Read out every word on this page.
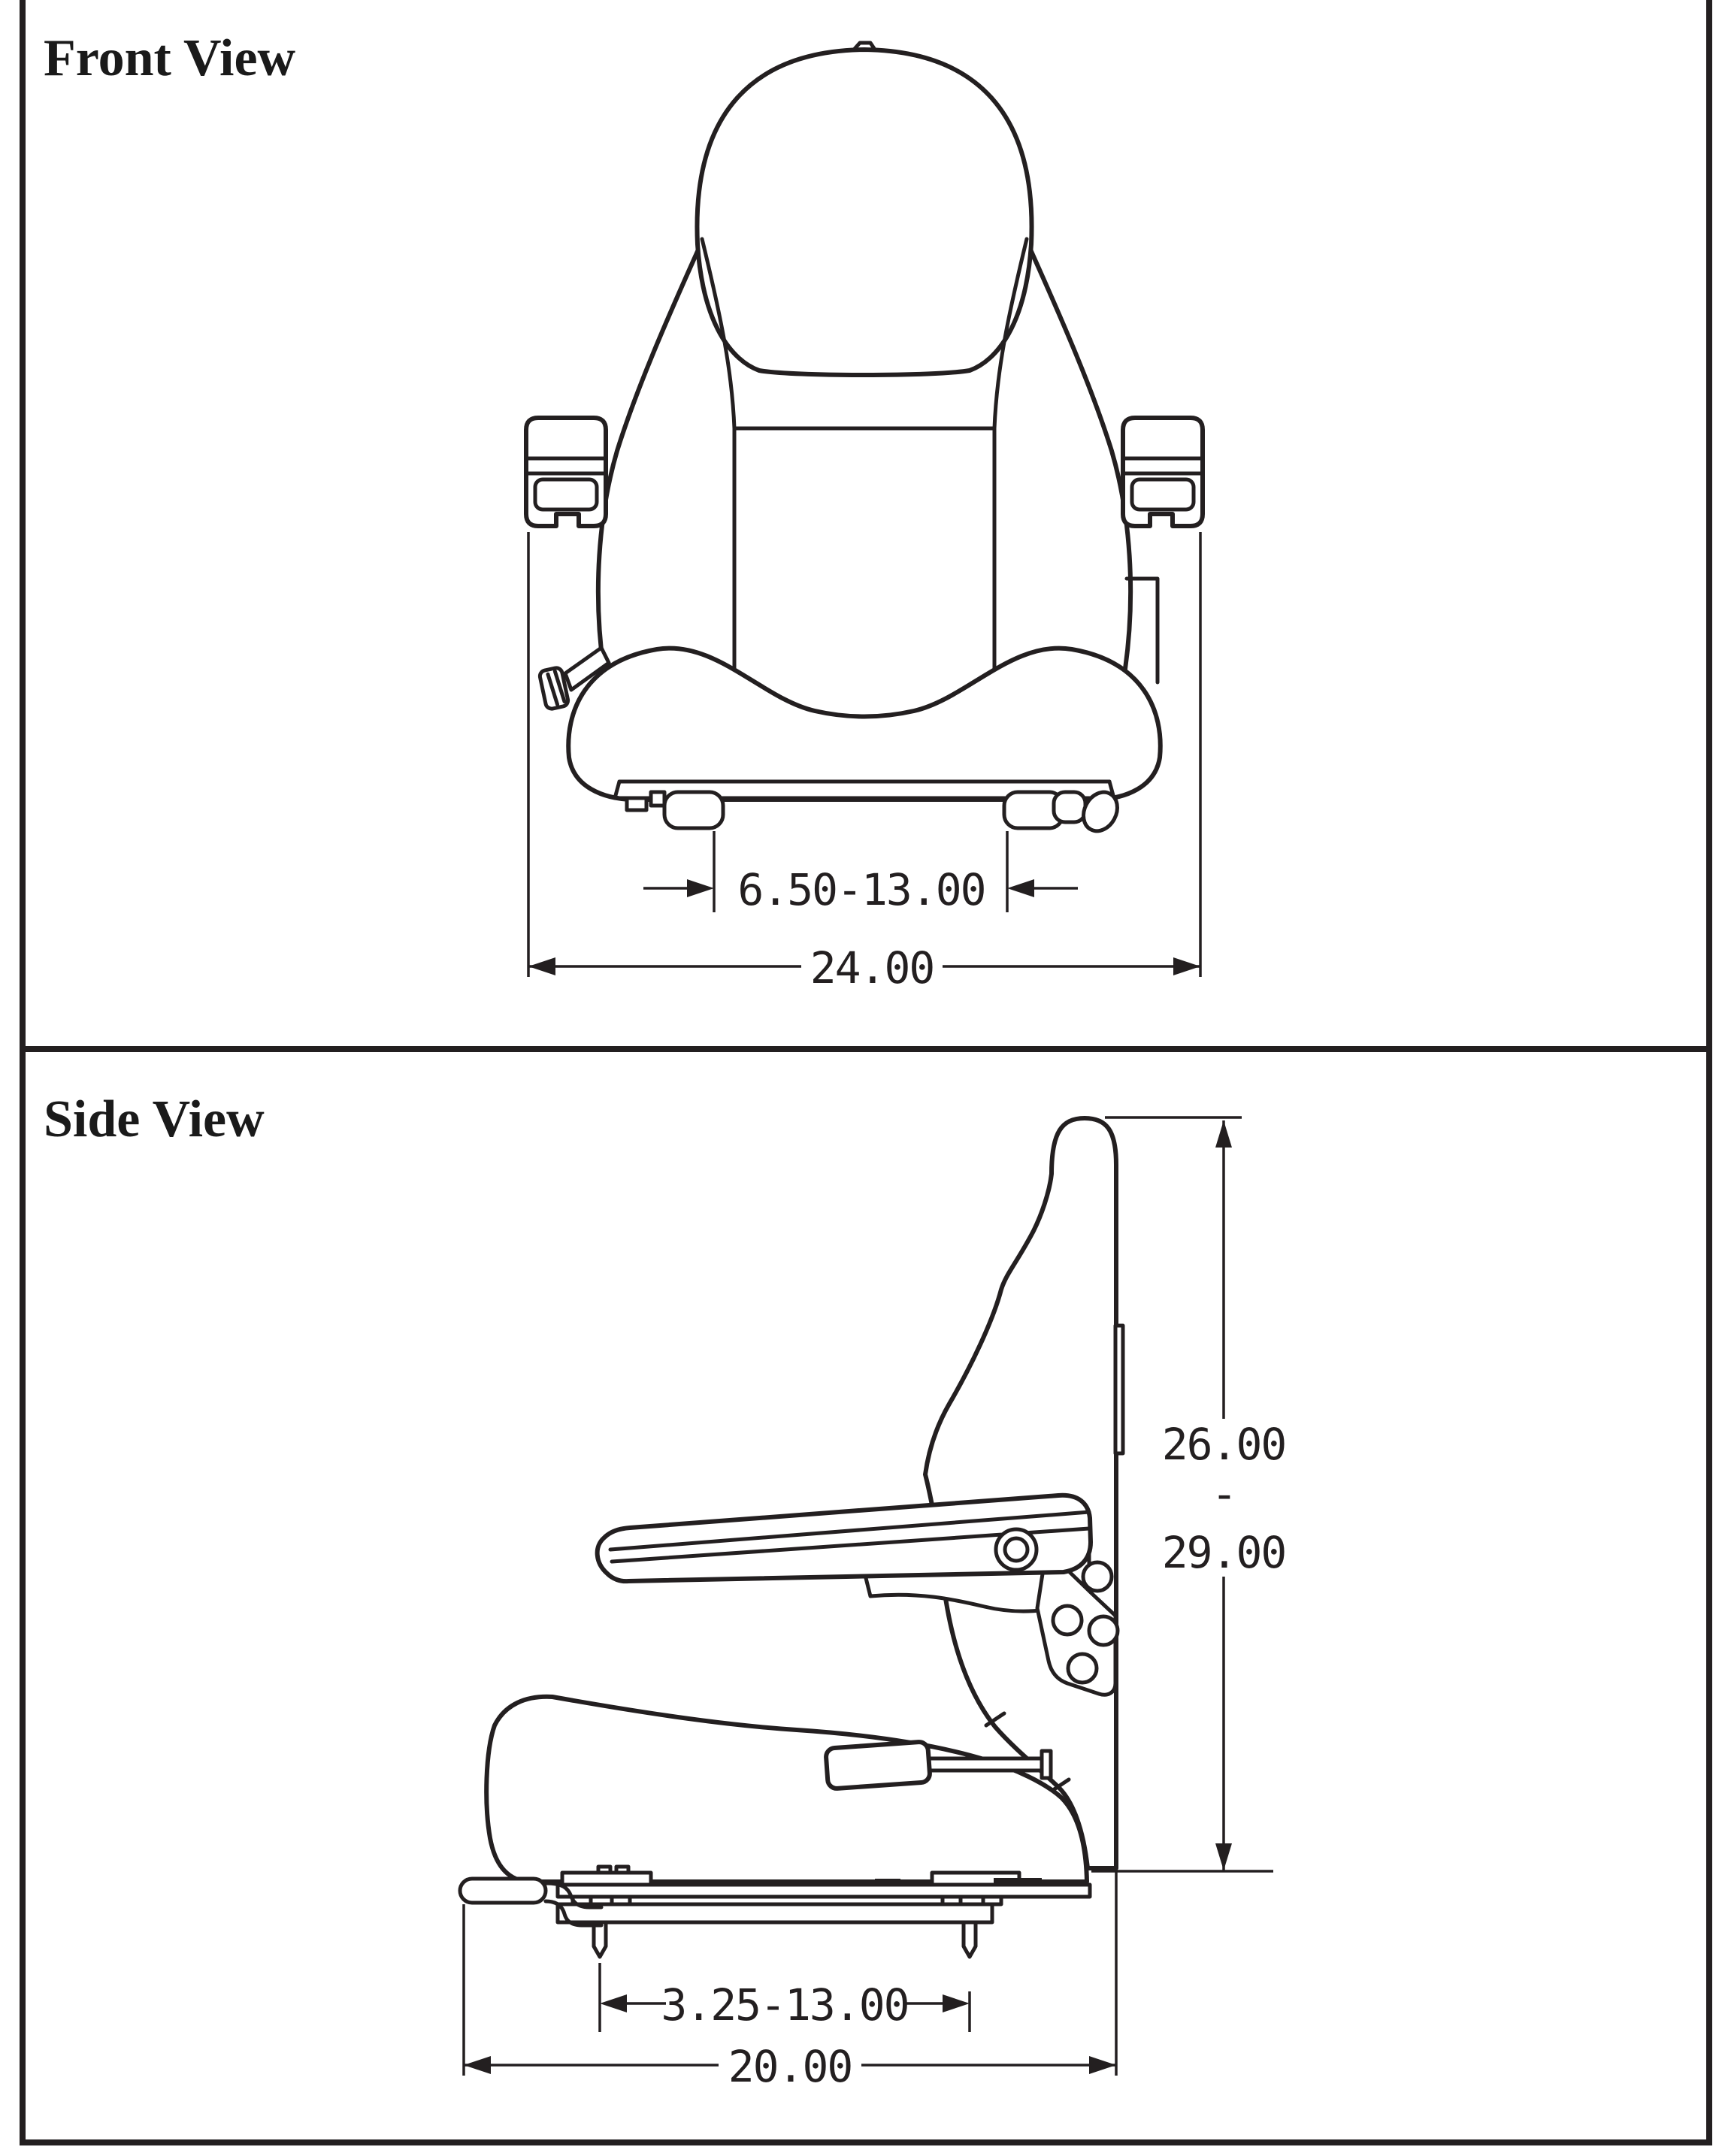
Front View
6.50-13.00
24.00
Side View
26.00
-
29.00
3.25-13.00
20.00
